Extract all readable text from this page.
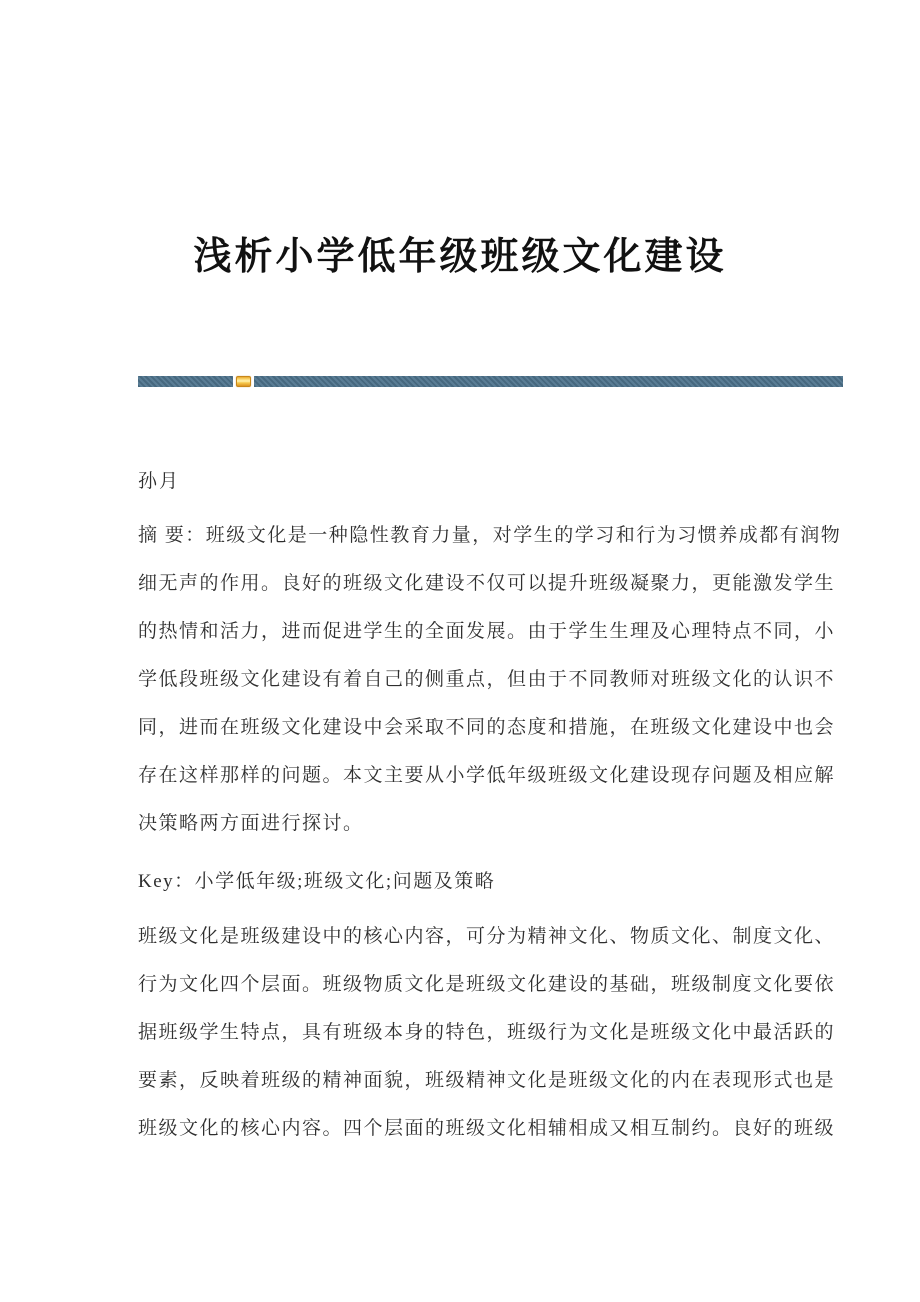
浅析小学低年级班级文化建设
孙月
摘 要：班级文化是一种隐性教育力量，对学生的学习和行为习惯养成都有润物
细无声的作用。良好的班级文化建设不仅可以提升班级凝聚力，更能激发学生
的热情和活力，进而促进学生的全面发展。由于学生生理及心理特点不同，小
学低段班级文化建设有着自己的侧重点，但由于不同教师对班级文化的认识不
同，进而在班级文化建设中会采取不同的态度和措施，在班级文化建设中也会
存在这样那样的问题。本文主要从小学低年级班级文化建设现存问题及相应解
决策略两方面进行探讨。
Key：小学低年级;班级文化;问题及策略
班级文化是班级建设中的核心内容，可分为精神文化、物质文化、制度文化、
行为文化四个层面。班级物质文化是班级文化建设的基础，班级制度文化要依
据班级学生特点，具有班级本身的特色，班级行为文化是班级文化中最活跃的
要素，反映着班级的精神面貌，班级精神文化是班级文化的内在表现形式也是
班级文化的核心内容。四个层面的班级文化相辅相成又相互制约。良好的班级
